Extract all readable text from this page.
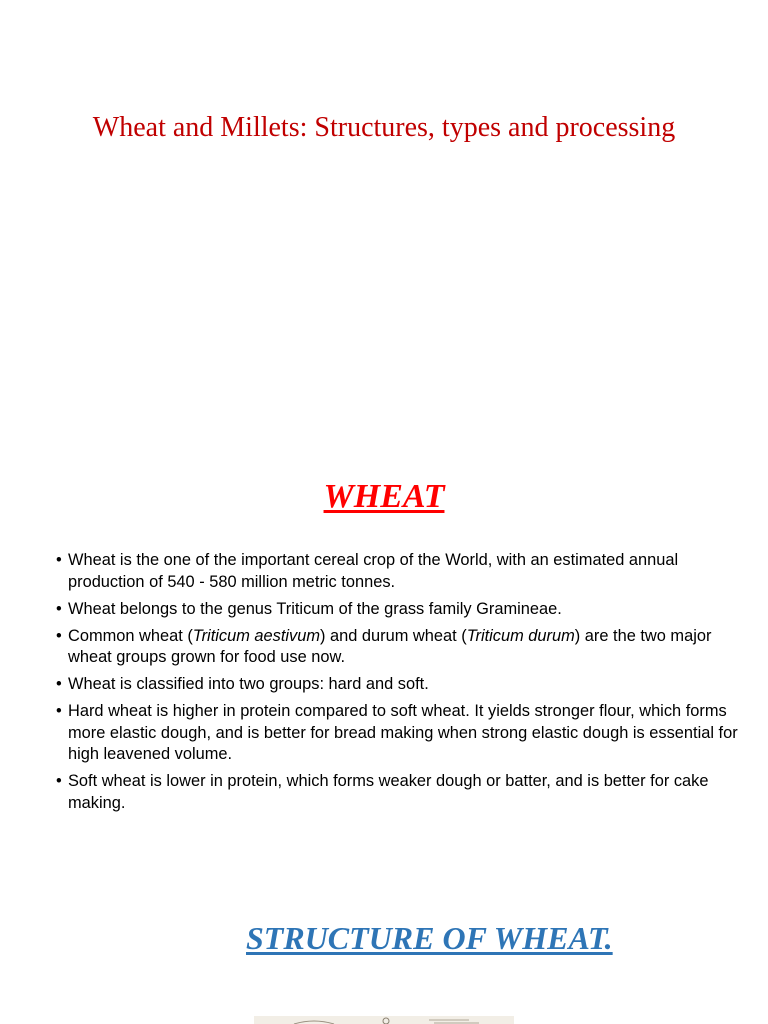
Wheat and Millets: Structures, types and processing
WHEAT
• Wheat is the one of the important cereal crop of the World, with an estimated annual production of 540 - 580 million metric tonnes.
• Wheat belongs to the genus Triticum of the grass family Gramineae.
• Common wheat (Triticum aestivum) and durum wheat (Triticum durum) are the two major wheat groups grown for food use now.
• Wheat is classified into two groups: hard and soft.
• Hard wheat is higher in protein compared to soft wheat. It yields stronger flour, which forms more elastic dough, and is better for bread making when strong elastic dough is essential for high leavened volume.
• Soft wheat is lower in protein, which forms weaker dough or batter, and is better for cake making.
STRUCTURE OF WHEAT.
